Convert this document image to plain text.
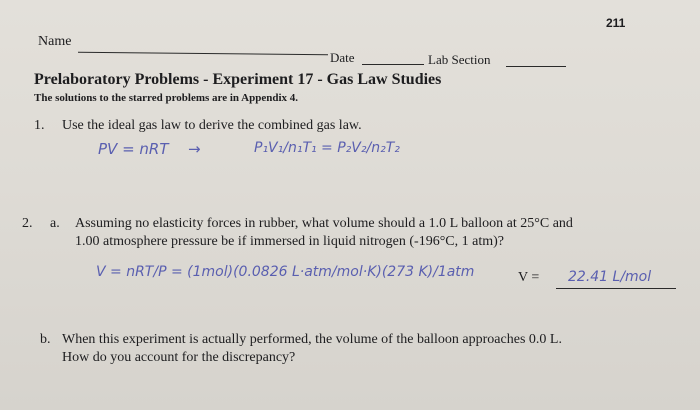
211
Name
Date	Lab Section
Prelaboratory Problems - Experiment 17 - Gas Law Studies
The solutions to the starred problems are in Appendix 4.
1. Use the ideal gas law to derive the combined gas law.
PV = nRT →	P₁V₁/n₁T₁ = P₂V₂/n₂T₂
2. a. Assuming no elasticity forces in rubber, what volume should a 1.0 L balloon at 25°C and
1.00 atmosphere pressure be if immersed in liquid nitrogen (-196°C, 1 atm)?
V = nRT/P = (1mol)(0.0826 L·atm/mol·K)(273 K)/1atm	V = 22.41 L/mol
b. When this experiment is actually performed, the volume of the balloon approaches 0.0 L.
How do you account for the discrepancy?
